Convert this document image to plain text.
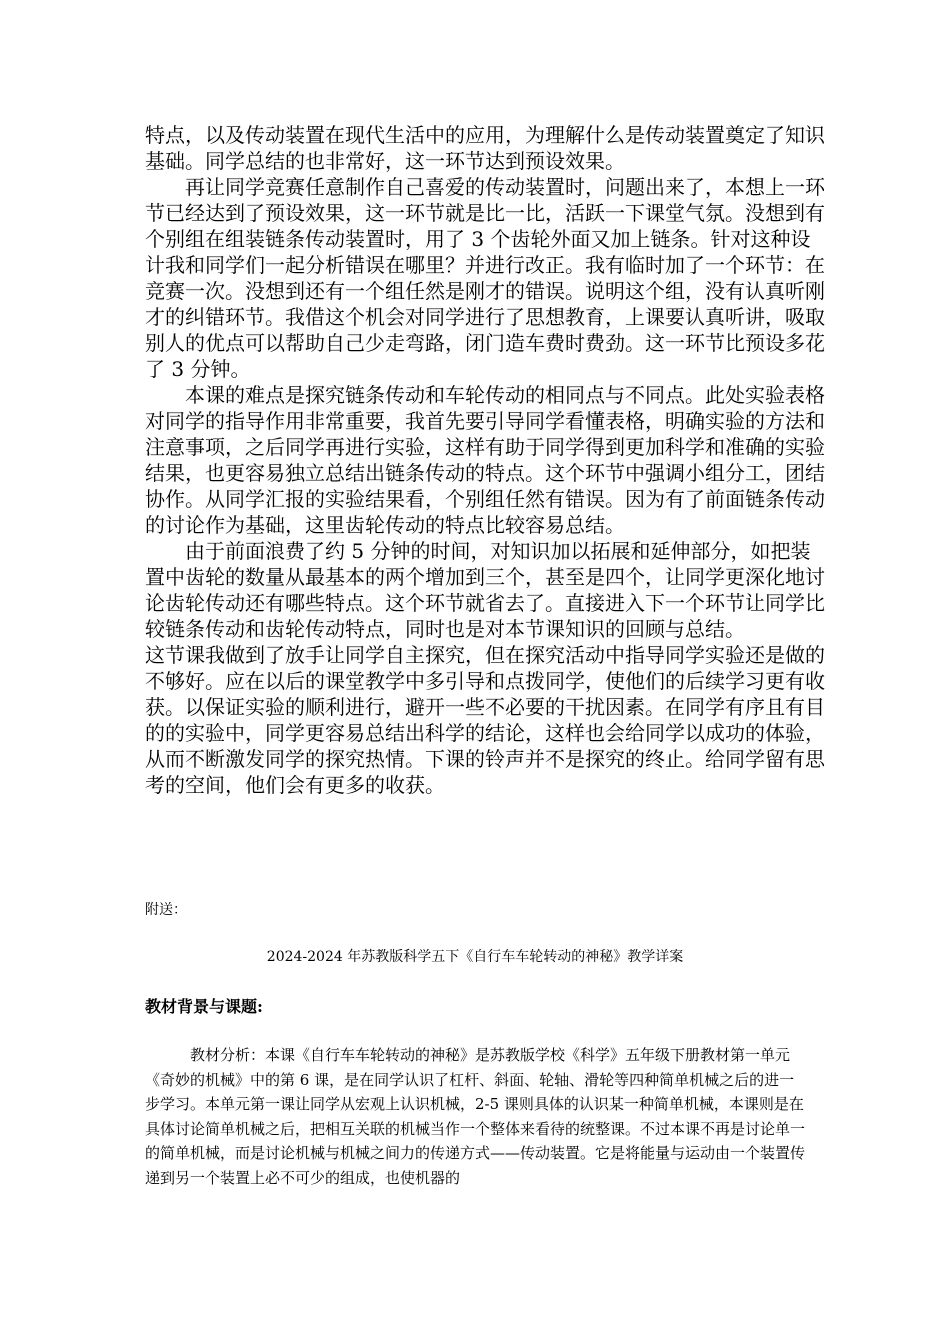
特点，以及传动装置在现代生活中的应用，为理解什么是传动装置奠定了知识基础。同学总结的也非常好，这一环节达到预设效果。

再让同学竞赛任意制作自己喜爱的传动装置时，问题出来了，本想上一环节已经达到了预设效果，这一环节就是比一比，活跃一下课堂气氛。没想到有个别组在组装链条传动装置时，用了 3 个齿轮外面又加上链条。针对这种设计我和同学们一起分析错误在哪里？并进行改正。我有临时加了一个环节：在竞赛一次。没想到还有一个组任然是刚才的错误。说明这个组，没有认真听刚才的纠错环节。我借这个机会对同学进行了思想教育，上课要认真听讲，吸取别人的优点可以帮助自己少走弯路，闭门造车费时费劲。这一环节比预设多花了 3 分钟。

本课的难点是探究链条传动和车轮传动的相同点与不同点。此处实验表格对同学的指导作用非常重要，我首先要引导同学看懂表格，明确实验的方法和注意事项，之后同学再进行实验，这样有助于同学得到更加科学和准确的实验结果，也更容易独立总结出链条传动的特点。这个环节中强调小组分工，团结协作。从同学汇报的实验结果看，个别组任然有错误。因为有了前面链条传动的讨论作为基础，这里齿轮传动的特点比较容易总结。

由于前面浪费了约 5 分钟的时间，对知识加以拓展和延伸部分，如把装置中齿轮的数量从最基本的两个增加到三个，甚至是四个，让同学更深化地讨论齿轮传动还有哪些特点。这个环节就省去了。直接进入下一个环节让同学比较链条传动和齿轮传动特点，同时也是对本节课知识的回顾与总结。

这节课我做到了放手让同学自主探究，但在探究活动中指导同学实验还是做的不够好。应在以后的课堂教学中多引导和点拨同学，使他们的后续学习更有收获。以保证实验的顺利进行，避开一些不必要的干扰因素。在同学有序且有目的的实验中，同学更容易总结出科学的结论，这样也会给同学以成功的体验，从而不断激发同学的探究热情。下课的铃声并不是探究的终止。给同学留有思考的空间，他们会有更多的收获。

附送：
2024-2024 年苏教版科学五下《自行车车轮转动的神秘》教学详案
教材背景与课题:

教材分析：本课《自行车车轮转动的神秘》是苏教版学校《科学》五年级下册教材第一单元《奇妙的机械》中的第 6 课，是在同学认识了杠杆、斜面、轮轴、滑轮等四种简单机械之后的进一步学习。本单元第一课让同学从宏观上认识机械，2-5 课则具体的认识某一种简单机械，本课则是在具体讨论简单机械之后，把相互关联的机械当作一个整体来看待的统整课。不过本课不再是讨论单一的简单机械，而是讨论机械与机械之间力的传递方式——传动装置。它是将能量与运动由一个装置传递到另一个装置上必不可少的组成，也使机器的
